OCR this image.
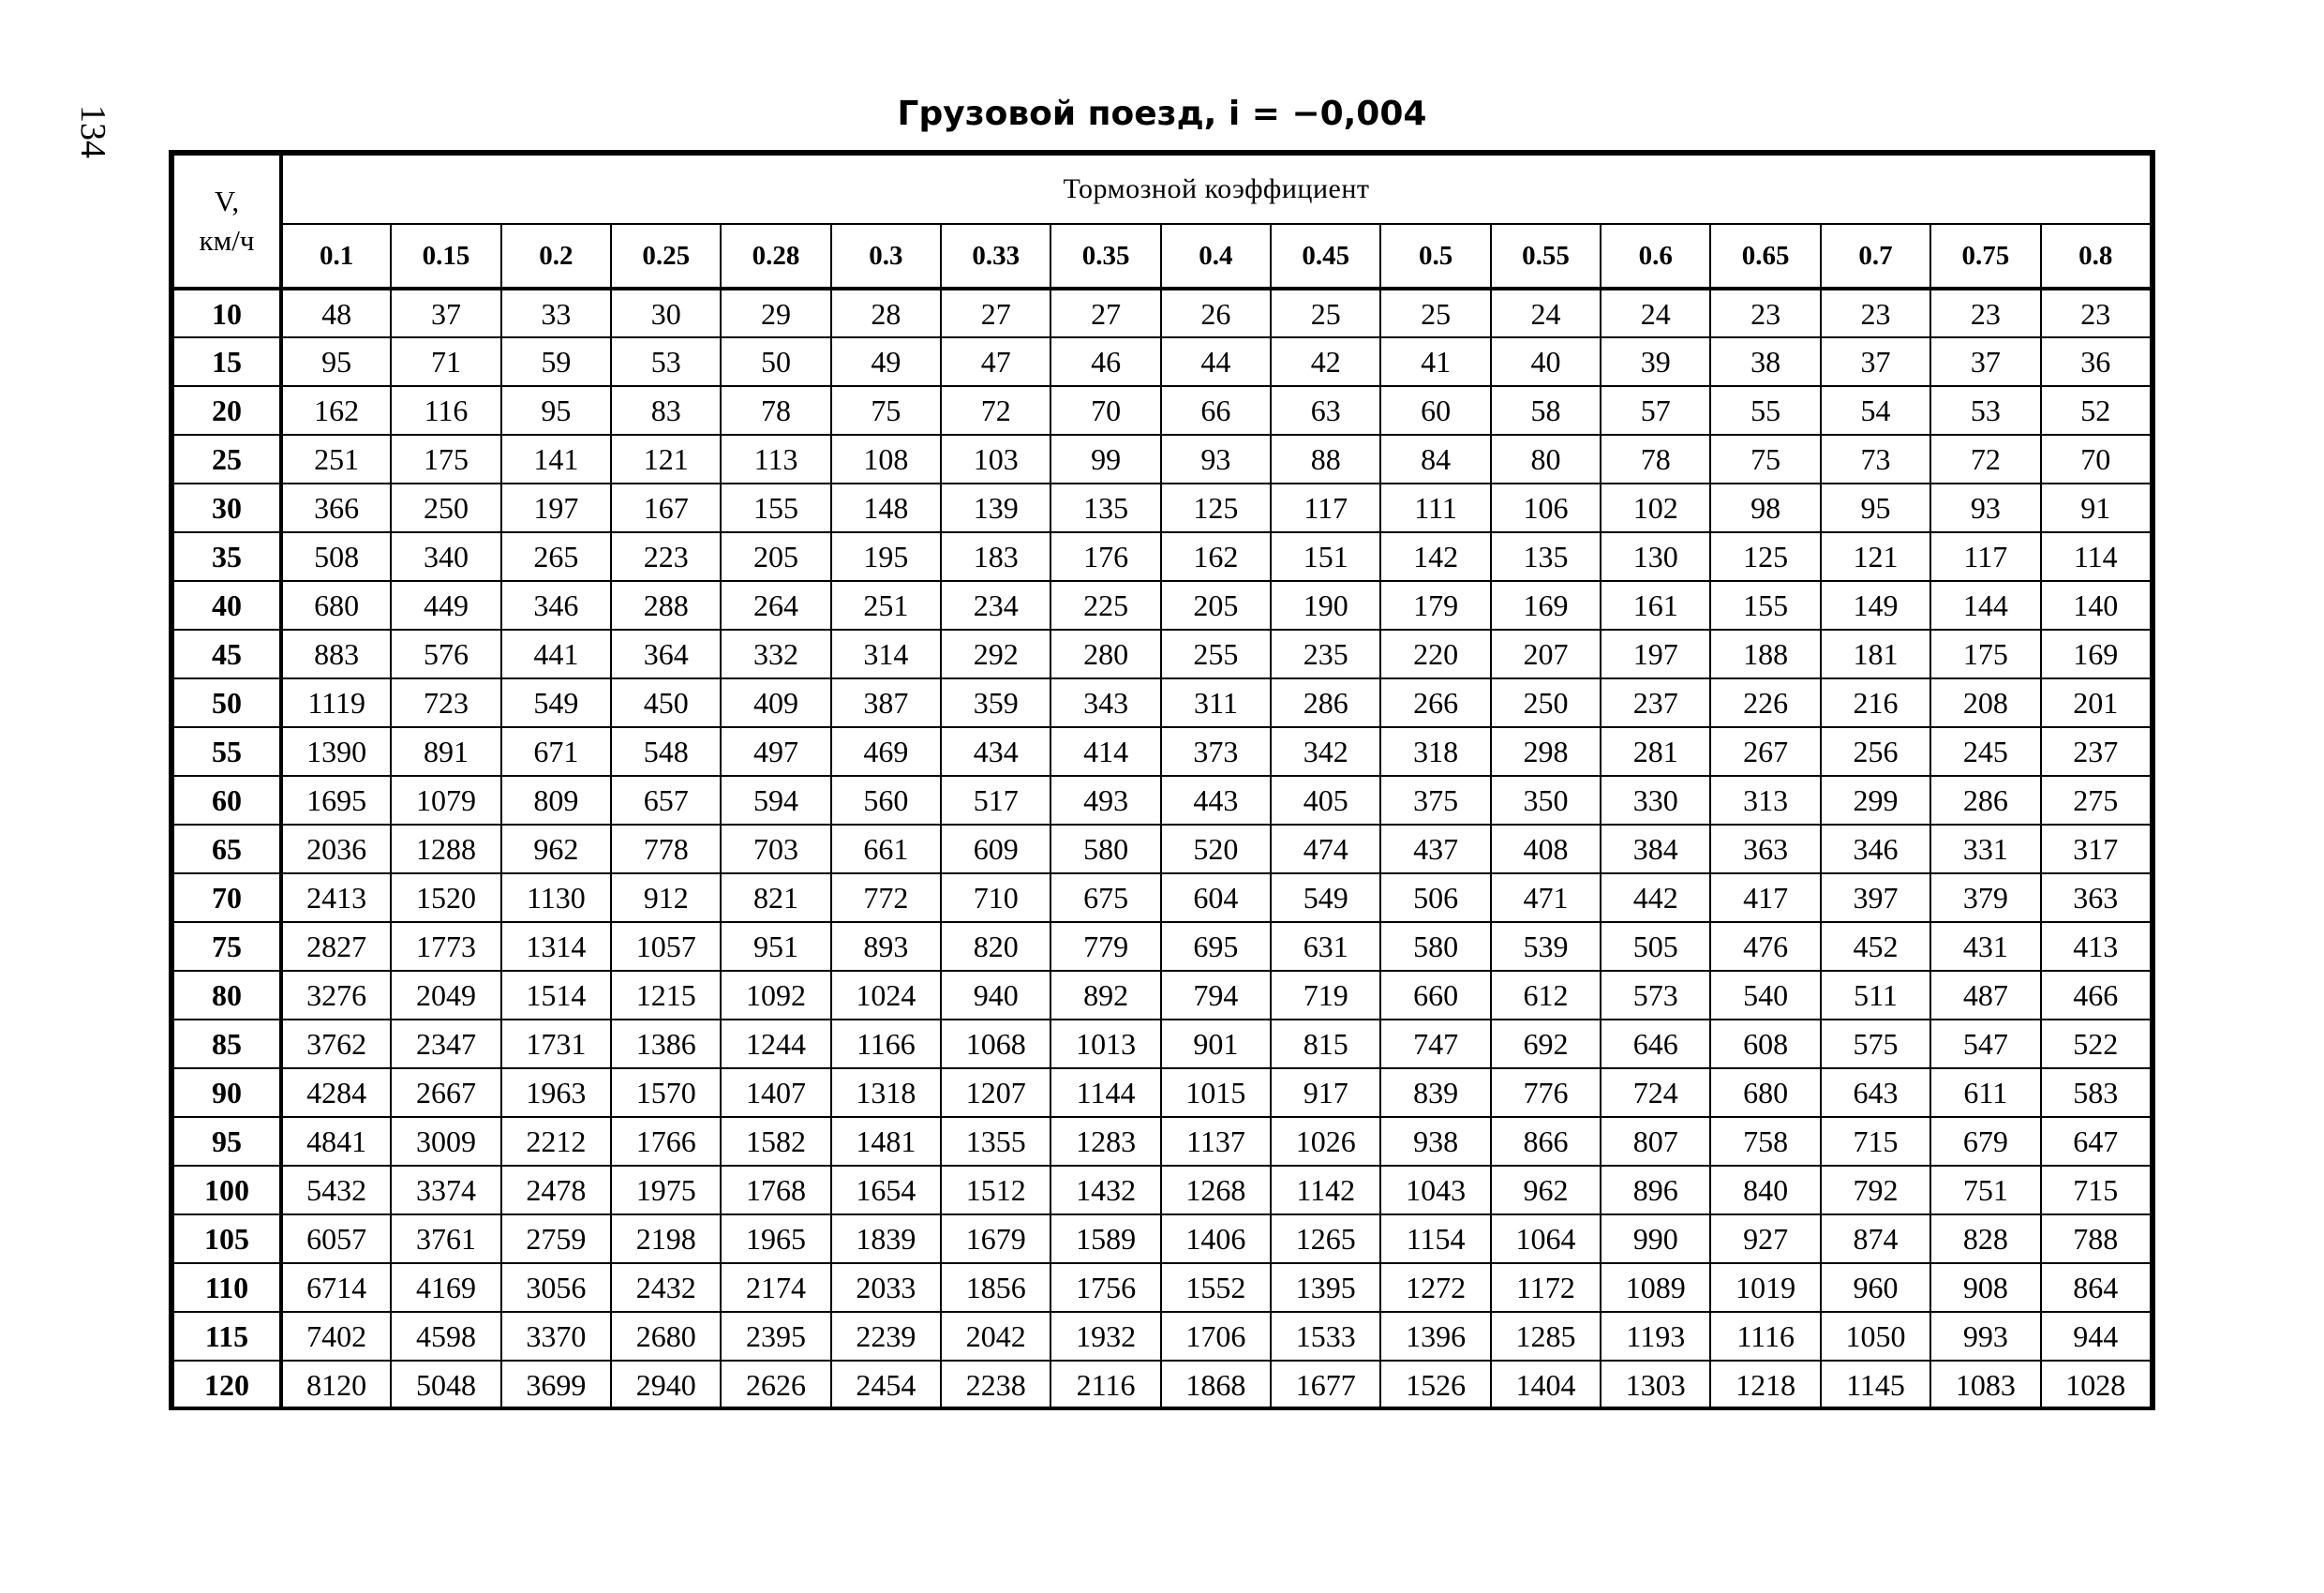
134	Грузовой поезд, i = −0,004
V,
км/ч	Тормозной коэффициент																
	0.1	0.15	0.2	0.25	0.28	0.3	0.33	0.35	0.4	0.45	0.5	0.55	0.6	0.65	0.7	0.75	0.8
10	48	37	33	30	29	28	27	27	26	25	25	24	24	23	23	23	23
15	95	71	59	53	50	49	47	46	44	42	41	40	39	38	37	37	36
20	162	116	95	83	78	75	72	70	66	63	60	58	57	55	54	53	52
25	251	175	141	121	113	108	103	99	93	88	84	80	78	75	73	72	70
30	366	250	197	167	155	148	139	135	125	117	111	106	102	98	95	93	91
35	508	340	265	223	205	195	183	176	162	151	142	135	130	125	121	117	114
40	680	449	346	288	264	251	234	225	205	190	179	169	161	155	149	144	140
45	883	576	441	364	332	314	292	280	255	235	220	207	197	188	181	175	169
50	1119	723	549	450	409	387	359	343	311	286	266	250	237	226	216	208	201
55	1390	891	671	548	497	469	434	414	373	342	318	298	281	267	256	245	237
60	1695	1079	809	657	594	560	517	493	443	405	375	350	330	313	299	286	275
65	2036	1288	962	778	703	661	609	580	520	474	437	408	384	363	346	331	317
70	2413	1520	1130	912	821	772	710	675	604	549	506	471	442	417	397	379	363
75	2827	1773	1314	1057	951	893	820	779	695	631	580	539	505	476	452	431	413
80	3276	2049	1514	1215	1092	1024	940	892	794	719	660	612	573	540	511	487	466
85	3762	2347	1731	1386	1244	1166	1068	1013	901	815	747	692	646	608	575	547	522
90	4284	2667	1963	1570	1407	1318	1207	1144	1015	917	839	776	724	680	643	611	583
95	4841	3009	2212	1766	1582	1481	1355	1283	1137	1026	938	866	807	758	715	679	647
100	5432	3374	2478	1975	1768	1654	1512	1432	1268	1142	1043	962	896	840	792	751	715
105	6057	3761	2759	2198	1965	1839	1679	1589	1406	1265	1154	1064	990	927	874	828	788
110	6714	4169	3056	2432	2174	2033	1856	1756	1552	1395	1272	1172	1089	1019	960	908	864
115	7402	4598	3370	2680	2395	2239	2042	1932	1706	1533	1396	1285	1193	1116	1050	993	944
120	8120	5048	3699	2940	2626	2454	2238	2116	1868	1677	1526	1404	1303	1218	1145	1083	1028
